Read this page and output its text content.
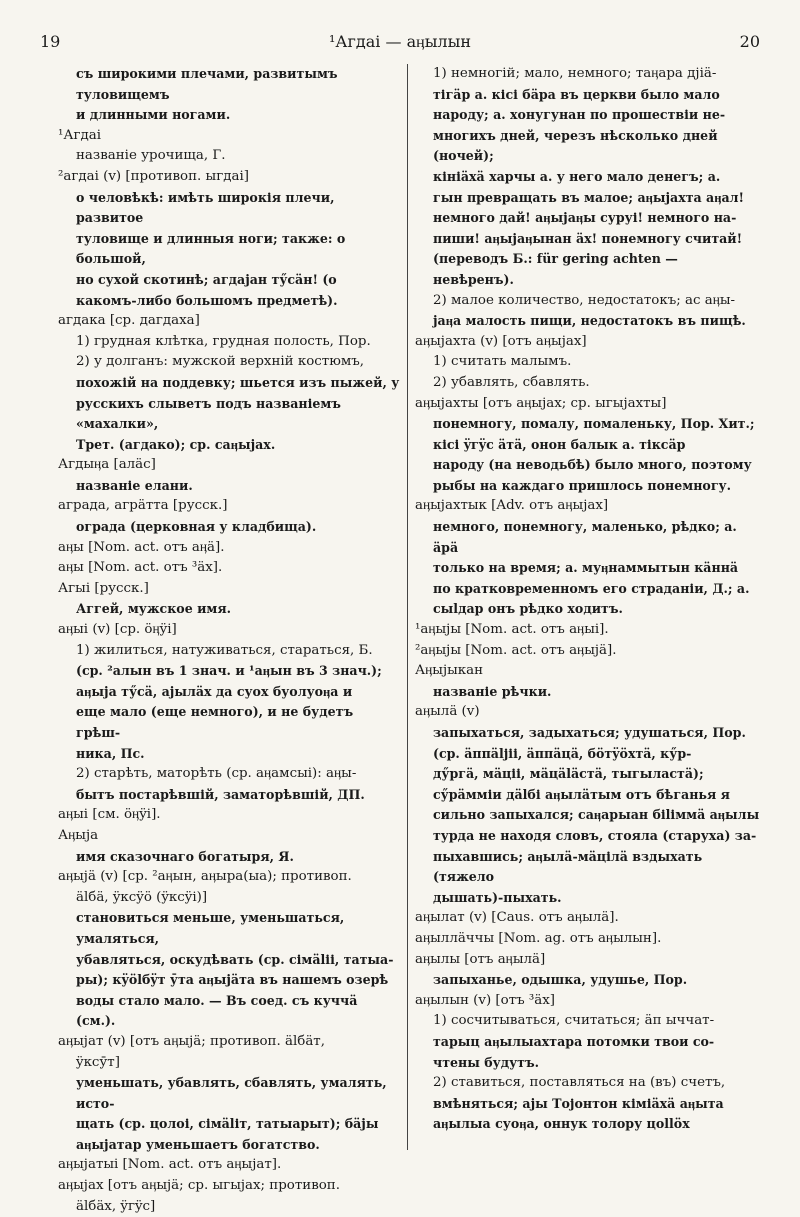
19	¹Агдаі — аӊылын	20

съ широкими плечами, развитымъ туловищемъ

и длинными ногами.

¹Агдаі

названіе урочища, Г.

²агдаі (v) [противоп. ыгдаі]

о человѣкѣ: имѣть широкія плечи, развитое

туловище и длинныя ноги; также: о большой,

но сухой скотинѣ; агдаjан тӳсäн! (о

какомъ-либо большомъ предметѣ).

агдака [ср. дагдаха]

1) грудная клѣтка, грудная полость, Пор.

2) у долганъ: мужской верхній костюмъ,

похожій на поддевку; шьется изъ пыжей, у

русскихъ слыветъ подъ названіемъ «махалки»,

Трет. (агдако); ср. саӊыjах.

Агдыӊа [алäс]

названіе елани.

аграда, агрäтта [русск.]

ограда (церковная у кладбища).

аӊы [Nom. act. отъ аӊä].

аӊы [Nom. act. отъ ³äх].

Агыі [русск.]

Аггей, мужское имя.

аӊыі (v) [ср. öӊÿі]

1) жилиться, натуживаться, стараться, Б.

(ср. ²алын въ 1 знач. и ¹аӊын въ 3 знач.);

аӊыjа тӳсä, аjылäх да суох буолуоӊа и

еще мало (еще немного), и не будетъ грѣш-

ника, Пс.

2) старѣть, маторѣть (ср. аӊамсыі): аӊы-

бытъ постарѣвшій, заматорѣвшій, ДП.

аӊыі [см. öӊÿі].

Аӊыjа

имя сказочнаго богатыря, Я.

аӊыjä (v) [ср. ²аӊын, аӊыра(ыа); противоп.

älбä, ÿксÿö (ÿксÿі)]

становиться меньше, уменьшаться, умаляться,

убавляться, оскудѣвать (ср. сімälіі, татыа-

ры); кÿölбÿт ӯта аӊыjäта въ нашемъ озерѣ

воды стало мало. — Въ соед. съ куччä (см.).

аӊыjат (v) [отъ аӊыjä; противоп. älбäт,

ÿксӯт]

уменьшать, убавлять, сбавлять, умалять, исто-

щать (ср. цолоі, сімälіт, татыарыт); бäjы

аӊыjатар уменьшаетъ богатство.

аӊыjатыі [Nom. act. отъ аӊыjат].

аӊыjах [отъ аӊыjä; ср. ыгыjах; противоп.

älбäх, ÿгÿс]

1) немногій; мало, немного; таӊара дjiä-

тігäр а. кісі бäра въ церкви было мало

народу; а. хонугунан по прошествіи не-

многихъ дней, черезъ нѣсколько дней (ночей);

кініäхä харчы а. у него мало денегъ; а.

гын превращать въ малое; аӊыjахта аӊал!

немного дай! аӊыjаӊы суруі! немного на-

пиши! аӊыjаӊынан äх! понемногу считай!

(переводъ Б.: für gering achten — невѣренъ).

2) малое количество, недостатокъ; ас аӊы-

jаӊа малость пищи, недостатокъ въ пищѣ.

аӊыjахта (v) [отъ аӊыjах]

1) считать малымъ.

2) убавлять, сбавлять.

аӊыjахты [отъ аӊыjах; ср. ыгыjахты]

понемногу, помалу, помаленьку, Пор. Хит.;

кісі ÿгÿс äтä, онон балык а. тіксäр

народу (на неводьбѣ) было много, поэтому

рыбы на каждаго пришлось понемногу.

аӊыjахтык [Adv. отъ аӊыjах]

немного, понемногу, маленько, рѣдко; а. äрä

только на время; а. муӊнаммытын кäннä

по кратковременномъ его страданіи, Д.; а.

сыlдар онъ рѣдко ходитъ.

¹аӊыjы [Nom. act. отъ аӊыі].

²аӊыjы [Nom. act. отъ аӊыjä].

Аӊыjыкан

названіе рѣчки.

аӊылä (v)

запыхаться, задыхаться; удушаться, Пор.

(ср. äппälјіі, äппäцä, бöтÿöхтä, кӳр-

дӳргä, мäціі, мäцäläстä, тыгыластä);

сӳрäмміи дälбі аӊылäтым отъ бѣганья я

сильно запыхался; саӊарыан біlіммä аӊылы

турда не находя словъ, стояла (старуха) за-

пыхавшись; аӊылä-мäцілä вздыхать (тяжело

дышать)-пыхать.

аӊылат (v) [Caus. отъ аӊылä].

аӊыллäччы [Nom. ag. отъ аӊылын].

аӊылы [отъ аӊылä]

запыханье, одышка, удушье, Пор.

аӊылын (v) [отъ ³äх]

1) сосчитываться, считаться; äп ыччат-

тарыц аӊылыахтара потомки твои со-

чтены будутъ.

2) ставиться, поставляться на (въ) счетъ,

вмѣняться; аjы Тојонтон кіміäхä аӊыта

аӊылыа суоӊа, оннук толору цоllöх
